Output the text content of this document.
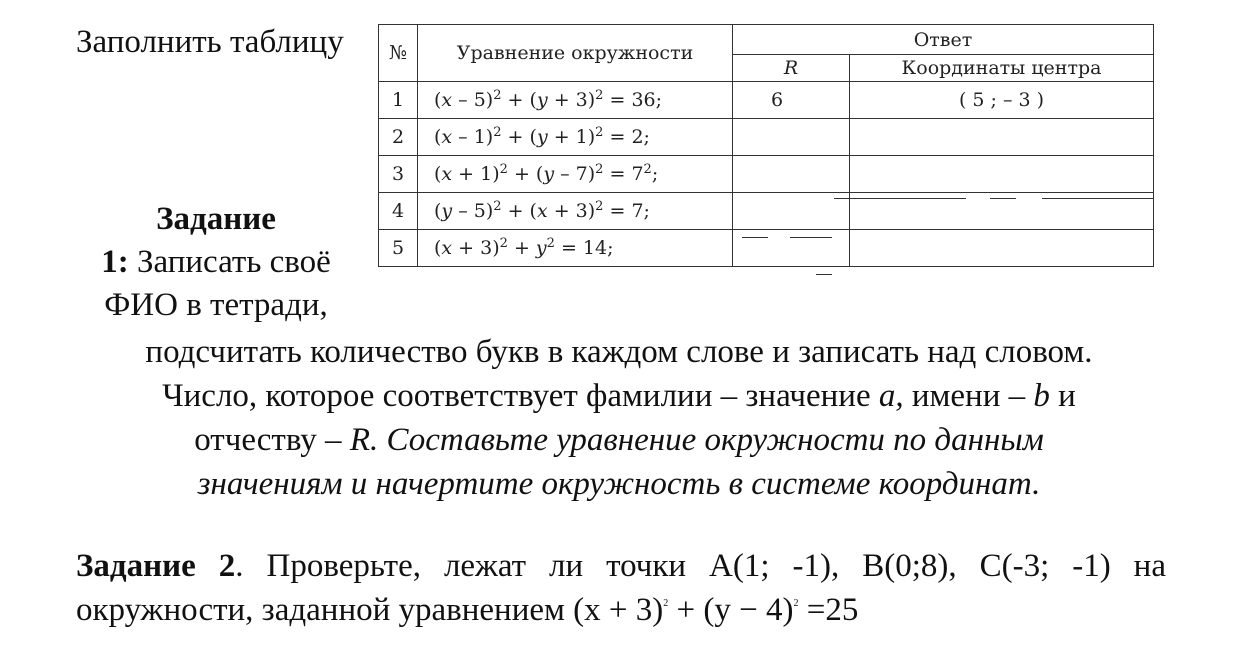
Заполнить таблицу №	Уравнение окружности	Ответ	
		R	Координаты центра
1	$(x - 5)^2 + (y + 3)^2 = 36$;	6	( 5 ; – 3 )
2	$(x - 1)^2 + (y + 1)^2 = 2$;		
3	$(x + 1)^2 + (y - 7)^2 = 7^2$;		
4	$(y - 5)^2 + (x + 3)^2 = 7$;		
5	$(x + 3)^2 + y^2 = 14$;		
Задание
1: Записать своё
ФИО в тетради,
подсчитать количество букв в каждом слове и записать над словом.
Число, которое соответствует фамилии – значение a, имени – b и
отчеству – R. Составьте уравнение окружности по данным
значениям и начертите окружность в системе координат.
Задание 2. Проверьте, лежат ли точки А(1; -1), В(0;8), С(-3; -1) на окружности, заданной уравнением $(х + 3)^2 + (у - 4)^2 =25$
